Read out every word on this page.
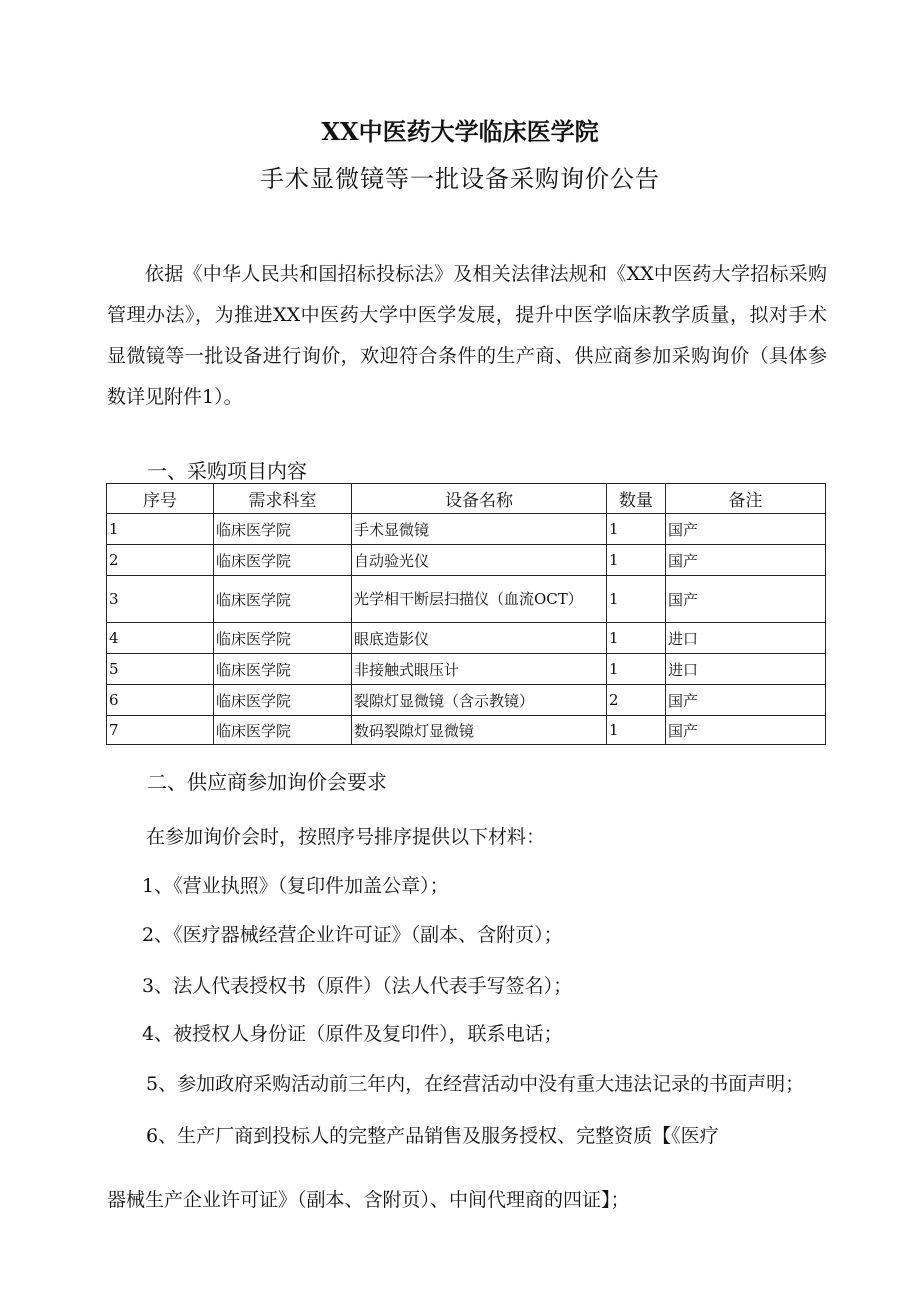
XX中医药大学临床医学院
手术显微镜等一批设备采购询价公告
依据《中华人民共和国招标投标法》及相关法律法规和《XX中医药大学招标采购管理办法》，为推进XX中医药大学中医学发展，提升中医学临床教学质量，拟对手术显微镜等一批设备进行询价，欢迎符合条件的生产商、供应商参加采购询价（具体参数详见附件1）。
一、采购项目内容
序号	需求科室	设备名称	数量	备注
1	临床医学院	手术显微镜	1	国产
2	临床医学院	自动验光仪	1	国产
3	临床医学院	光学相干断层扫描仪（血流OCT）	1	国产
4	临床医学院	眼底造影仪	1	进口
5	临床医学院	非接触式眼压计	1	进口
6	临床医学院	裂隙灯显微镜（含示教镜）	2	国产
7	临床医学院	数码裂隙灯显微镜	1	国产
二、供应商参加询价会要求
在参加询价会时，按照序号排序提供以下材料：
1、《营业执照》（复印件加盖公章）；
2、《医疗器械经营企业许可证》（副本、含附页）；
3、法人代表授权书（原件）（法人代表手写签名）；
4、被授权人身份证（原件及复印件），联系电话；
5、参加政府采购活动前三年内，在经营活动中没有重大违法记录的书面声明；
6、生产厂商到投标人的完整产品销售及服务授权、完整资质【《医疗
器械生产企业许可证》（副本、含附页）、中间代理商的四证】；
